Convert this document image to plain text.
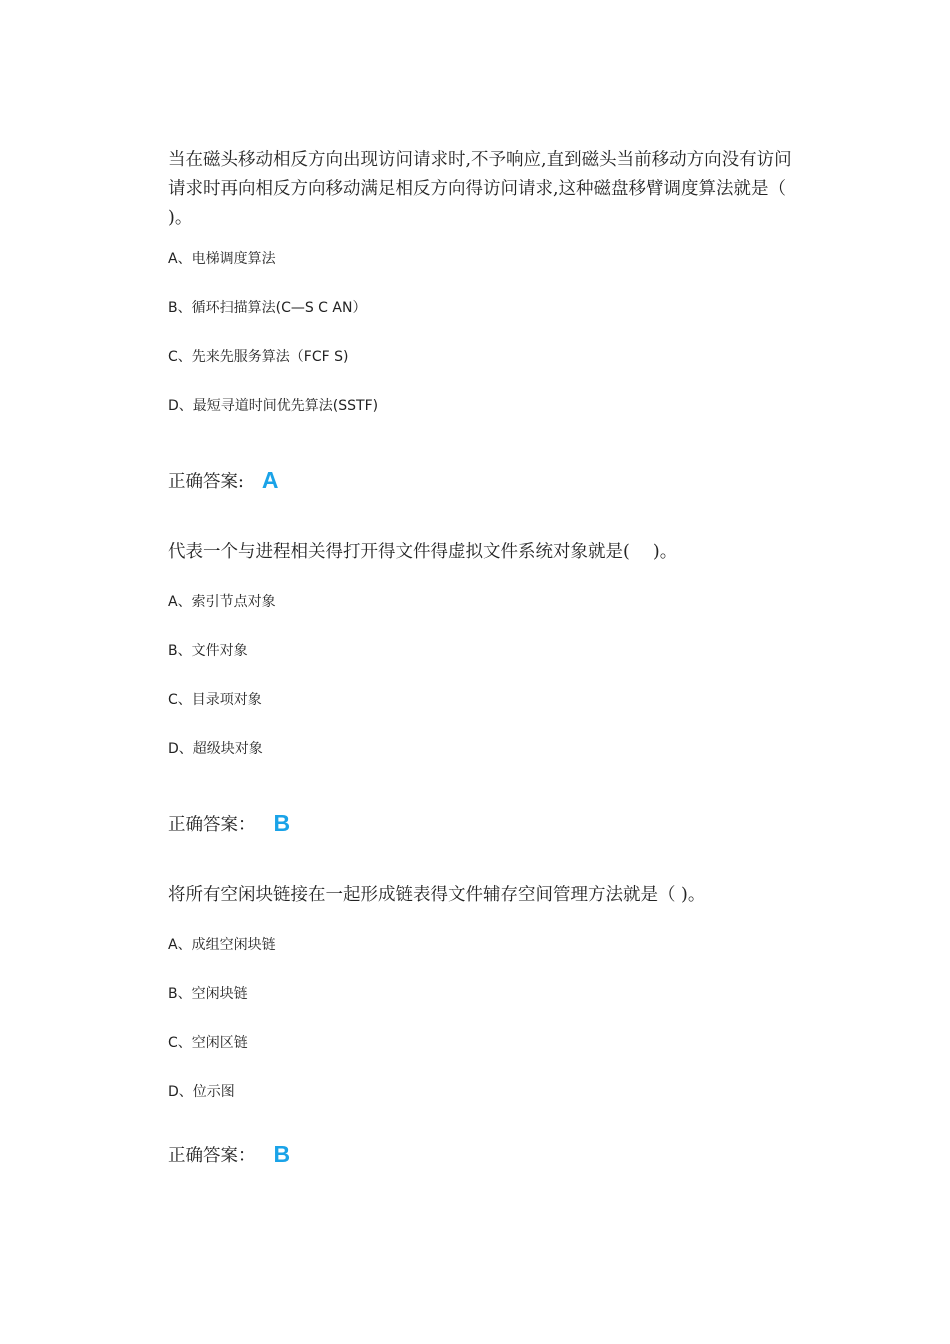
当在磁头移动相反方向出现访问请求时,不予响应,直到磁头当前移动方向没有访问请求时再向相反方向移动满足相反方向得访问请求,这种磁盘移臂调度算法就是（ )。

A、电梯调度算法
B、循环扫描算法(C—S C AN）
C、先来先服务算法（FCF S)
D、最短寻道时间优先算法(SSTF)
正确答案: A

代表一个与进程相关得打开得文件得虚拟文件系统对象就是(　 )。

A、索引节点对象
B、文件对象
C、目录项对象
D、超级块对象
正确答案： B

将所有空闲块链接在一起形成链表得文件辅存空间管理方法就是（ )。

A、成组空闲块链
B、空闲块链
C、空闲区链
D、位示图
正确答案： B
